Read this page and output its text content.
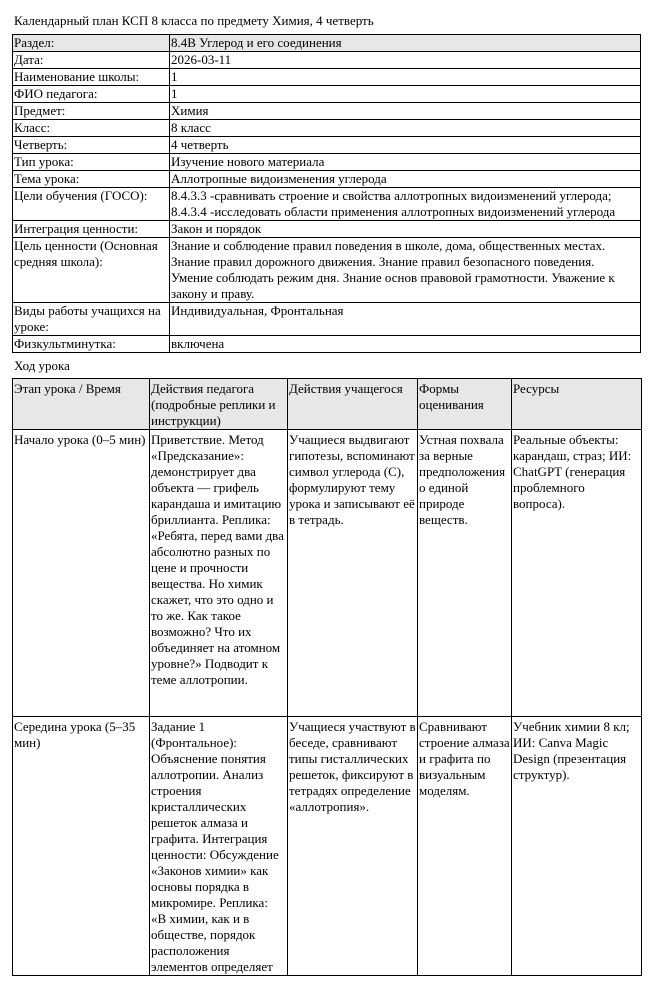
Календарный план КСП 8 класса по предмету Химия, 4 четверть
Раздел:	8.4В Углерод и его соединения
Дата:	2026-03-11
Наименование школы:	1
ФИО педагога:	1
Предмет:	Химия
Класс:	8 класс
Четверть:	4 четверть
Тип урока:	Изучение нового материала
Тема урока:	Аллотропные видоизменения углерода
Цели обучения (ГОСО):	8.4.3.3 -сравнивать строение и свойства аллотропных видоизменений углерода; 8.4.3.4 -исследовать области применения аллотропных видоизменений углерода
Интеграция ценности:	Закон и порядок
Цель ценности (Основная средняя школа):	Знание и соблюдение правил поведения в школе, дома, общественных местах. Знание правил дорожного движения. Знание правил безопасного поведения. Умение соблюдать режим дня. Знание основ правовой грамотности. Уважение к закону и праву.
Виды работы учащихся на уроке:	Индивидуальная, Фронтальная
Физкультминутка:	включена
Ход урока
Этап урока / Время	Действия педагога (подробные реплики и инструкции)	Действия учащегося	Формы оценивания	Ресурсы
Начало урока (0–5 мин)	Приветствие. Метод «Предсказание»: демонстрирует два объекта — грифель карандаша и имитацию бриллианта. Реплика: «Ребята, перед вами два абсолютно разных по цене и прочности вещества. Но химик скажет, что это одно и то же. Как такое возможно? Что их объединяет на атомном уровне?» Подводит к теме аллотропии.	Учащиеся выдвигают гипотезы, вспоминают символ углерода (С), формулируют тему урока и записывают её в тетрадь.	Устная похвала за верные предположения о единой природе веществ.	Реальные объекты: карандаш, страз; ИИ: ChatGPT (генерация проблемного вопроса).
Середина урока (5–35 мин)	Задание 1 (Фронтальное): Объяснение понятия аллотропии. Анализ строения кристаллических решеток алмаза и графита. Интеграция ценности: Обсуждение «Законов химии» как основы порядка в микромире. Реплика: «В химии, как и в обществе, порядок расположения элементов определяет	Учащиеся участвуют в беседе, сравнивают типы гисталлических решеток, фиксируют в тетрадях определение «аллотропия».	Сравнивают строение алмаза и графита по визуальным моделям.	Учебник химии 8 кл; ИИ: Canva Magic Design (презентация структур).
